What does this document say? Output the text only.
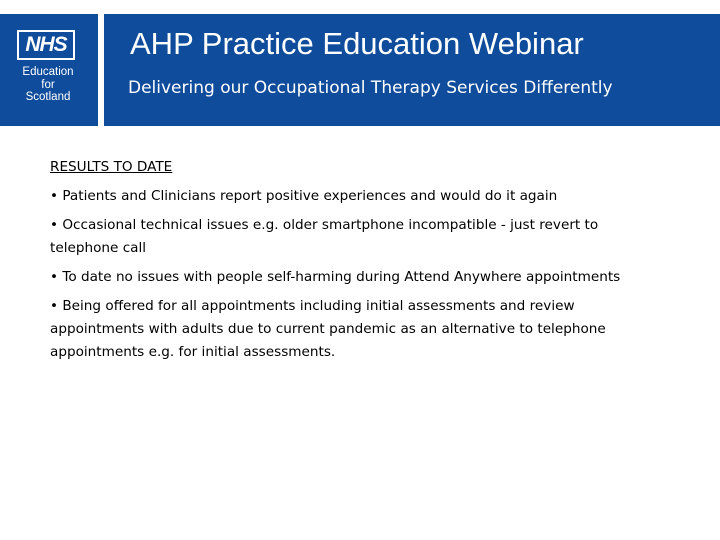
NHS
Education
for
Scotland
AHP Practice Education Webinar
Delivering our Occupational Therapy Services Differently
RESULTS TO DATE
• Patients and Clinicians report positive experiences and would do it again
• Occasional technical issues e.g. older smartphone incompatible - just revert to telephone call
• To date no issues with people self-harming during Attend Anywhere appointments
• Being offered for all appointments including initial assessments and review appointments with adults due to current pandemic as an alternative to telephone appointments e.g. for initial assessments.
